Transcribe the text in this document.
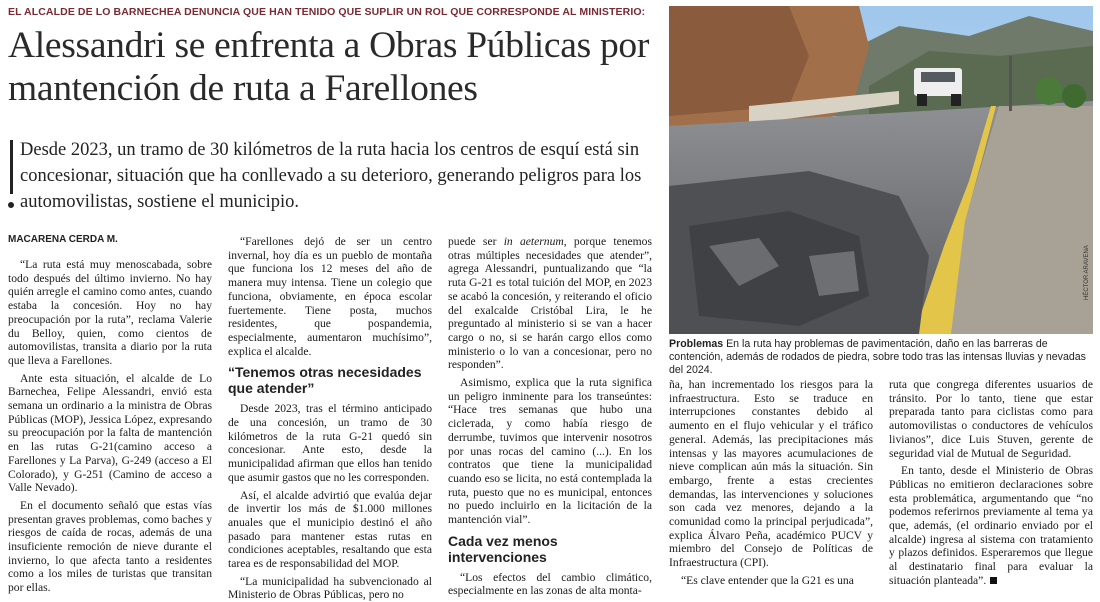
EL ALCALDE DE LO BARNECHEA DENUNCIA QUE HAN TENIDO QUE SUPLIR UN ROL QUE CORRESPONDE AL MINISTERIO:
Alessandri se enfrenta a Obras Públicas por mantención de ruta a Farellones
Desde 2023, un tramo de 30 kilómetros de la ruta hacia los centros de esquí está sin concesionar, situación que ha conllevado a su deterioro, generando peligros para los automovilistas, sostiene el municipio.
MACARENA CERDA M.

“La ruta está muy menoscabada, sobre todo después del último invierno. No hay quién arregle el camino como antes, cuando estaba la concesión. Hoy no hay preocupación por la ruta”, reclama Valerie du Belloy, quien, como cientos de automovilistas, transita a diario por la ruta que lleva a Farellones.

Ante esta situación, el alcalde de Lo Barnechea, Felipe Alessandri, envió esta semana un ordinario a la ministra de Obras Públicas (MOP), Jessica López, expresando su preocupación por la falta de mantención en las rutas G-21(camino acceso a Farellones y La Parva), G-249 (acceso a El Colorado), y G-251 (Camino de acceso a Valle Nevado).

En el documento señaló que estas vías presentan graves problemas, como baches y riesgos de caída de rocas, además de una insuficiente remoción de nieve durante el invierno, lo que afecta tanto a residentes como a los miles de turistas que transitan por ellas.

“Farellones dejó de ser un centro invernal, hoy día es un pueblo de montaña que funciona los 12 meses del año de manera muy intensa. Tiene un colegio que funciona, obviamente, en época escolar fuertemente. Tiene posta, muchos residentes, que pospandemia, especialmente, aumentaron muchísimo”, explica el alcalde.

“Tenemos otras necesidades que atender”

Desde 2023, tras el término anticipado de una concesión, un tramo de 30 kilómetros de la ruta G-21 quedó sin concesionar. Ante esto, desde la municipalidad afirman que ellos han tenido que asumir gastos que no les corresponden.

Así, el alcalde advirtió que evalúa dejar de invertir los más de $1.000 millones anuales que el municipio destinó el año pasado para mantener estas rutas en condiciones aceptables, resaltando que esta tarea es de responsabilidad del MOP.

“La municipalidad ha subvencionado al Ministerio de Obras Públicas, pero no

puede ser in aeternum, porque tenemos otras múltiples necesidades que atender”, agrega Alessandri, puntualizando que “la ruta G-21 es total tuición del MOP, en 2023 se acabó la concesión, y reiterando el oficio del exalcalde Cristóbal Lira, le he preguntado al ministerio si se van a hacer cargo o no, si se harán cargo ellos como ministerio o lo van a concesionar, pero no responden”.

Asimismo, explica que la ruta significa un peligro inminente para los transeúntes: “Hace tres semanas que hubo una ciclетada, y como había riesgo de derrumbe, tuvimos que intervenir nosotros por unas rocas del camino (...). En los contratos que tiene la municipalidad cuando eso se licita, no está contemplada la ruta, puesto que no es municipal, entonces no puedo incluirlo en la licitación de la mantención vial”.

Cada vez menos intervenciones

“Los efectos del cambio climático, especialmente en las zonas de alta monta-

HÉCTOR ARAVENA
Problemas En la ruta hay problemas de pavimentación, daño en las barreras de contención, además de rodados de piedra, sobre todo tras las intensas lluvias y nevadas del 2024.

ña, han incrementado los riesgos para la infraestructura. Esto se traduce en interrupciones constantes debido al aumento en el flujo vehicular y el tráfico general. Además, las precipitaciones más intensas y las mayores acumulaciones de nieve complican aún más la situación. Sin embargo, frente a estas crecientes demandas, las intervenciones y soluciones son cada vez menores, dejando a la comunidad como la principal perjudicada”, explica Álvaro Peña, académico PUCV y miembro del Consejo de Políticas de Infraestructura (CPI).

“Es clave entender que la G21 es una

ruta que congrega diferentes usuarios de tránsito. Por lo tanto, tiene que estar preparada tanto para ciclistas como para automovilistas o conductores de vehículos livianos”, dice Luis Stuven, gerente de seguridad vial de Mutual de Seguridad.

En tanto, desde el Ministerio de Obras Públicas no emitieron declaraciones sobre esta problemática, argumentando que “no podemos referirnos previamente al tema ya que, además, (el ordinario enviado por el alcalde) ingresa al sistema con tratamiento y plazos definidos. Esperaremos que llegue al destinatario final para evaluar la situación planteada”.
